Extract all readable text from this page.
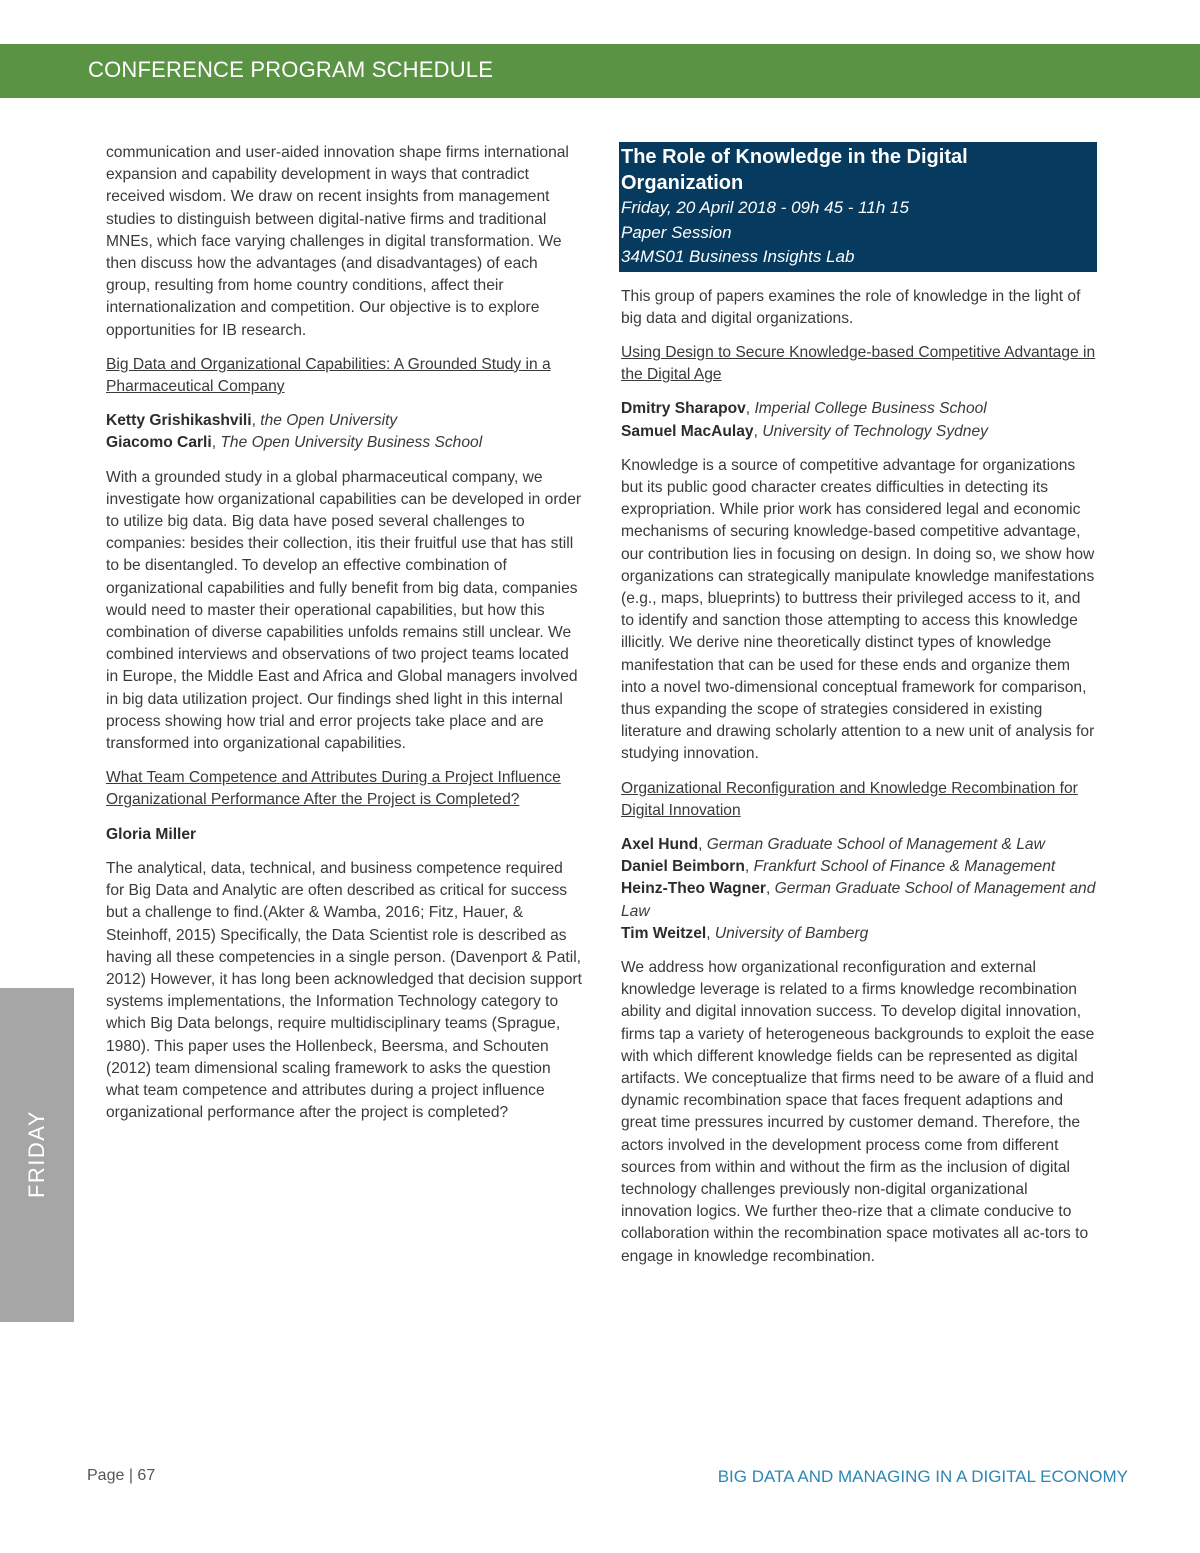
CONFERENCE PROGRAM SCHEDULE
FRIDAY

communication and user-aided innovation shape firms international expansion and capability development in ways that contradict received wisdom. We draw on recent insights from management studies to distinguish between digital-native firms and traditional MNEs, which face varying challenges in digital transformation. We then discuss how the advantages (and disadvantages) of each group, resulting from home country conditions, affect their internationalization and competition. Our objective is to explore opportunities for IB research.

Big Data and Organizational Capabilities: A Grounded Study in a Pharmaceutical Company

Ketty Grishikashvili, the Open University
Giacomo Carli, The Open University Business School

With a grounded study in a global pharmaceutical company, we investigate how organizational capabilities can be developed in order to utilize big data. Big data have posed several challenges to companies: besides their collection, itis their fruitful use that has still to be disentangled. To develop an effective combination of organizational capabilities and fully benefit from big data, companies would need to master their operational capabilities, but how this combination of diverse capabilities unfolds remains still unclear. We combined interviews and observations of two project teams located in Europe, the Middle East and Africa and Global managers involved in big data utilization project. Our findings shed light in this internal process showing how trial and error projects take place and are transformed into organizational capabilities.

What Team Competence and Attributes During a Project Influence Organizational Performance After the Project is Completed?

Gloria Miller

The analytical, data, technical, and business competence required for Big Data and Analytic are often described as critical for success but a challenge to find.(Akter & Wamba, 2016; Fitz, Hauer, & Steinhoff, 2015) Specifically, the Data Scientist role is described as having all these competencies in a single person. (Davenport & Patil, 2012) However, it has long been acknowledged that decision support systems implementations, the Information Technology category to which Big Data belongs, require multidisciplinary teams (Sprague, 1980). This paper uses the Hollenbeck, Beersma, and Schouten (2012) team dimensional scaling framework to asks the question what team competence and attributes during a project influence organizational performance after the project is completed?

The Role of Knowledge in the Digital Organization
Friday, 20 April 2018 - 09h 45 - 11h 15
Paper Session
34MS01 Business Insights Lab

This group of papers examines the role of knowledge in the light of big data and digital organizations.

Using Design to Secure Knowledge-based Competitive Advantage in the Digital Age

Dmitry Sharapov, Imperial College Business School
Samuel MacAulay, University of Technology Sydney

Knowledge is a source of competitive advantage for organizations but its public good character creates difficulties in detecting its expropriation. While prior work has considered legal and economic mechanisms of securing knowledge-based competitive advantage, our contribution lies in focusing on design. In doing so, we show how organizations can strategically manipulate knowledge manifestations (e.g., maps, blueprints) to buttress their privileged access to it, and to identify and sanction those attempting to access this knowledge illicitly. We derive nine theoretically distinct types of knowledge manifestation that can be used for these ends and organize them into a novel two-dimensional conceptual framework for comparison, thus expanding the scope of strategies considered in existing literature and drawing scholarly attention to a new unit of analysis for studying innovation.

Organizational Reconfiguration and Knowledge Recombination for Digital Innovation

Axel Hund, German Graduate School of Management & Law
Daniel Beimborn, Frankfurt School of Finance & Management
Heinz-Theo Wagner, German Graduate School of Management and Law
Tim Weitzel, University of Bamberg

We address how organizational reconfiguration and external knowledge leverage is related to a firms knowledge recombination ability and digital innovation success. To develop digital innovation, firms tap a variety of heterogeneous backgrounds to exploit the ease with which different knowledge fields can be represented as digital artifacts. We conceptualize that firms need to be aware of a fluid and dynamic recombination space that faces frequent adaptions and great time pressures incurred by customer demand. Therefore, the actors involved in the development process come from different sources from within and without the firm as the inclusion of digital technology challenges previously non-digital organizational innovation logics. We further theo-rize that a climate conducive to collaboration within the recombination space motivates all ac-tors to engage in knowledge recombination.

Page | 67	BIG DATA AND MANAGING IN A DIGITAL ECONOMY
